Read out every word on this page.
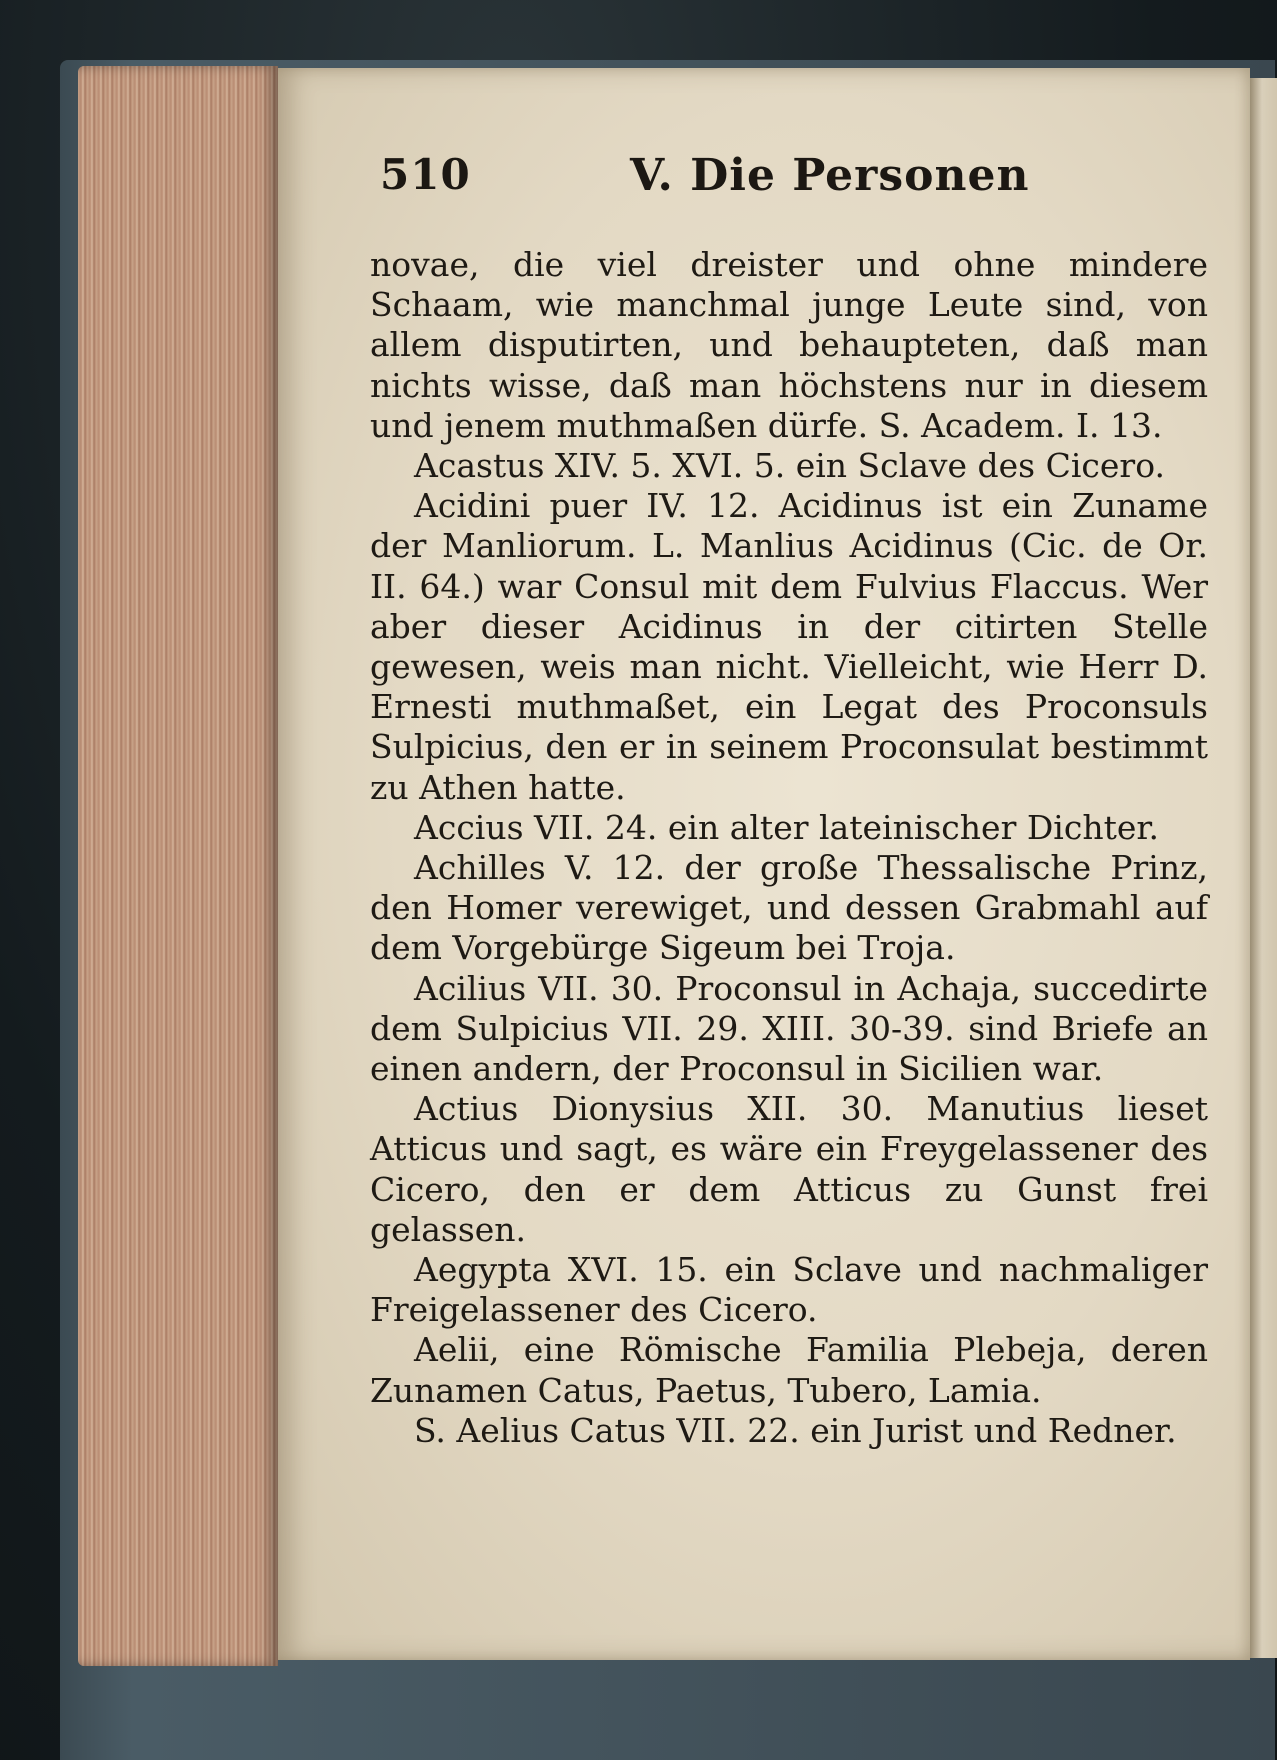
510	V. Die Personen

novae, die viel dreister und ohne mindere Schaam, wie manchmal junge Leute sind, von allem disputirten, und behaupteten, daß man nichts wisse, daß man höchstens nur in diesem und jenem muthmaßen dürfe. S. Academ. I. 13.

Acastus XIV. 5. XVI. 5. ein Sclave des Cicero.

Acidini puer IV. 12. Acidinus ist ein Zuname der Manliorum. L. Manlius Acidinus (Cic. de Or. II. 64.) war Consul mit dem Fulvius Flaccus. Wer aber dieser Acidinus in der citirten Stelle gewesen, weis man nicht. Vielleicht, wie Herr D. Ernesti muthmaßet, ein Legat des Proconsuls Sulpicius, den er in seinem Proconsulat bestimmt zu Athen hatte.

Accius VII. 24. ein alter lateinischer Dichter.

Achilles V. 12. der große Thessalische Prinz, den Homer verewiget, und dessen Grabmahl auf dem Vorgebürge Sigeum bei Troja.

Acilius VII. 30. Proconsul in Achaja, succedirte dem Sulpicius VII. 29. XIII. 30-39. sind Briefe an einen andern, der Proconsul in Sicilien war.

Actius Dionysius XII. 30. Manutius lieset Atticus und sagt, es wäre ein Freygelassener des Cicero, den er dem Atticus zu Gunst frei gelassen.

Aegypta XVI. 15. ein Sclave und nachmaliger Freigelassener des Cicero.

Aelii, eine Römische Familia Plebeja, deren Zunamen Catus, Paetus, Tubero, Lamia.

S. Aelius Catus VII. 22. ein Jurist und Redner.
